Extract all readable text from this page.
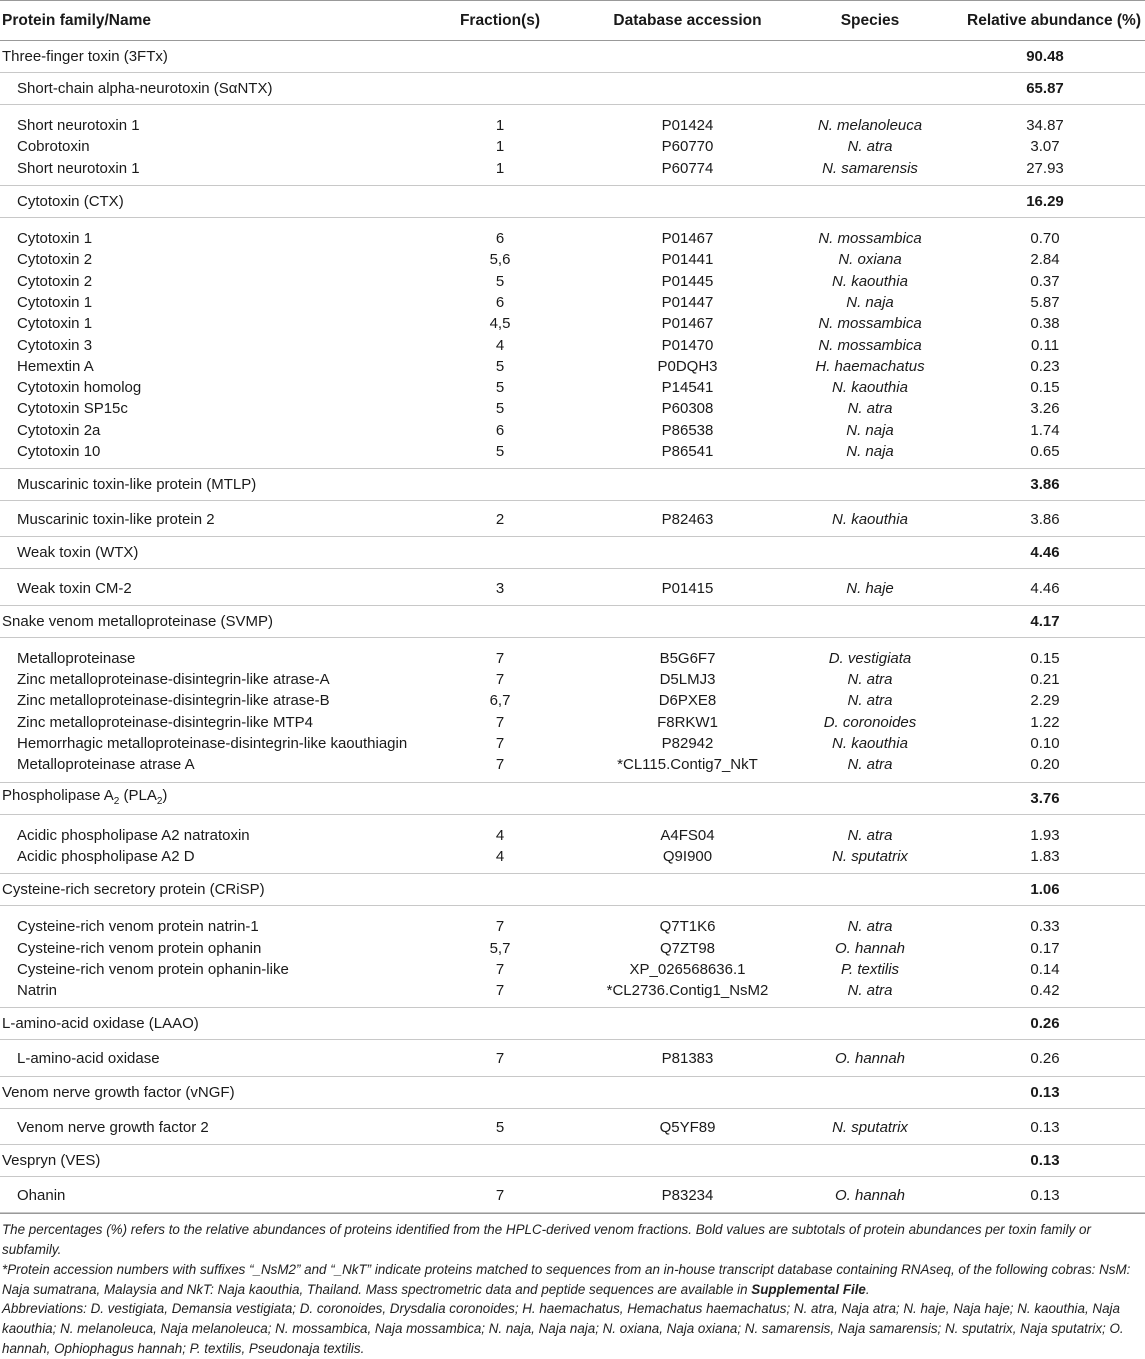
Protein family/Name	Fraction(s)	Database accession	Species	Relative abundance (%)
Three-finger toxin (3FTx)				90.48
Short-chain alpha-neurotoxin (SαNTX)				65.87
Short neurotoxin 1	1	P01424	N. melanoleuca	34.87
Cobrotoxin	1	P60770	N. atra	3.07
Short neurotoxin 1	1	P60774	N. samarensis	27.93
Cytotoxin (CTX)				16.29
Cytotoxin 1	6	P01467	N. mossambica	0.70
Cytotoxin 2	5,6	P01441	N. oxiana	2.84
Cytotoxin 2	5	P01445	N. kaouthia	0.37
Cytotoxin 1	6	P01447	N. naja	5.87
Cytotoxin 1	4,5	P01467	N. mossambica	0.38
Cytotoxin 3	4	P01470	N. mossambica	0.11
Hemextin A	5	P0DQH3	H. haemachatus	0.23
Cytotoxin homolog	5	P14541	N. kaouthia	0.15
Cytotoxin SP15c	5	P60308	N. atra	3.26
Cytotoxin 2a	6	P86538	N. naja	1.74
Cytotoxin 10	5	P86541	N. naja	0.65
Muscarinic toxin-like protein (MTLP)				3.86
Muscarinic toxin-like protein 2	2	P82463	N. kaouthia	3.86
Weak toxin (WTX)				4.46
Weak toxin CM-2	3	P01415	N. haje	4.46
Snake venom metalloproteinase (SVMP)				4.17
Metalloproteinase	7	B5G6F7	D. vestigiata	0.15
Zinc metalloproteinase-disintegrin-like atrase-A	7	D5LMJ3	N. atra	0.21
Zinc metalloproteinase-disintegrin-like atrase-B	6,7	D6PXE8	N. atra	2.29
Zinc metalloproteinase-disintegrin-like MTP4	7	F8RKW1	D. coronoides	1.22
Hemorrhagic metalloproteinase-disintegrin-like kaouthiagin	7	P82942	N. kaouthia	0.10
Metalloproteinase atrase A	7	*CL115.Contig7_NkT	N. atra	0.20
Phospholipase $A_2$ $(PLA_2)$				3.76
Acidic phospholipase A2 natratoxin	4	A4FS04	N. atra	1.93
Acidic phospholipase A2 D	4	Q9I900	N. sputatrix	1.83
Cysteine-rich secretory protein (CRiSP)				1.06
Cysteine-rich venom protein natrin-1	7	Q7T1K6	N. atra	0.33
Cysteine-rich venom protein ophanin	5,7	Q7ZT98	O. hannah	0.17
Cysteine-rich venom protein ophanin-like	7	XP_026568636.1	P. textilis	0.14
Natrin	7	*CL2736.Contig1_NsM2	N. atra	0.42
L-amino-acid oxidase (LAAO)				0.26
L-amino-acid oxidase	7	P81383	O. hannah	0.26
Venom nerve growth factor (vNGF)				0.13
Venom nerve growth factor 2	5	Q5YF89	N. sputatrix	0.13
Vespryn (VES)				0.13
Ohanin	7	P83234	O. hannah	0.13

The percentages (%) refers to the relative abundances of proteins identified from the HPLC-derived venom fractions. Bold values are subtotals of protein abundances per toxin family or subfamily.

*Protein accession numbers with suffixes “_NsM2” and “_NkT” indicate proteins matched to sequences from an in-house transcript database containing RNAseq, of the following cobras: NsM: Naja sumatrana, Malaysia and NkT: Naja kaouthia, Thailand. Mass spectrometric data and peptide sequences are available in Supplemental File.

Abbreviations: D. vestigiata, Demansia vestigiata; D. coronoides, Drysdalia coronoides; H. haemachatus, Hemachatus haemachatus; N. atra, Naja atra; N. haje, Naja haje; N. kaouthia, Naja kaouthia; N. melanoleuca, Naja melanoleuca; N. mossambica, Naja mossambica; N. naja, Naja naja; N. oxiana, Naja oxiana; N. samarensis, Naja samarensis; N. sputatrix, Naja sputatrix; O. hannah, Ophiophagus hannah; P. textilis, Pseudonaja textilis.
